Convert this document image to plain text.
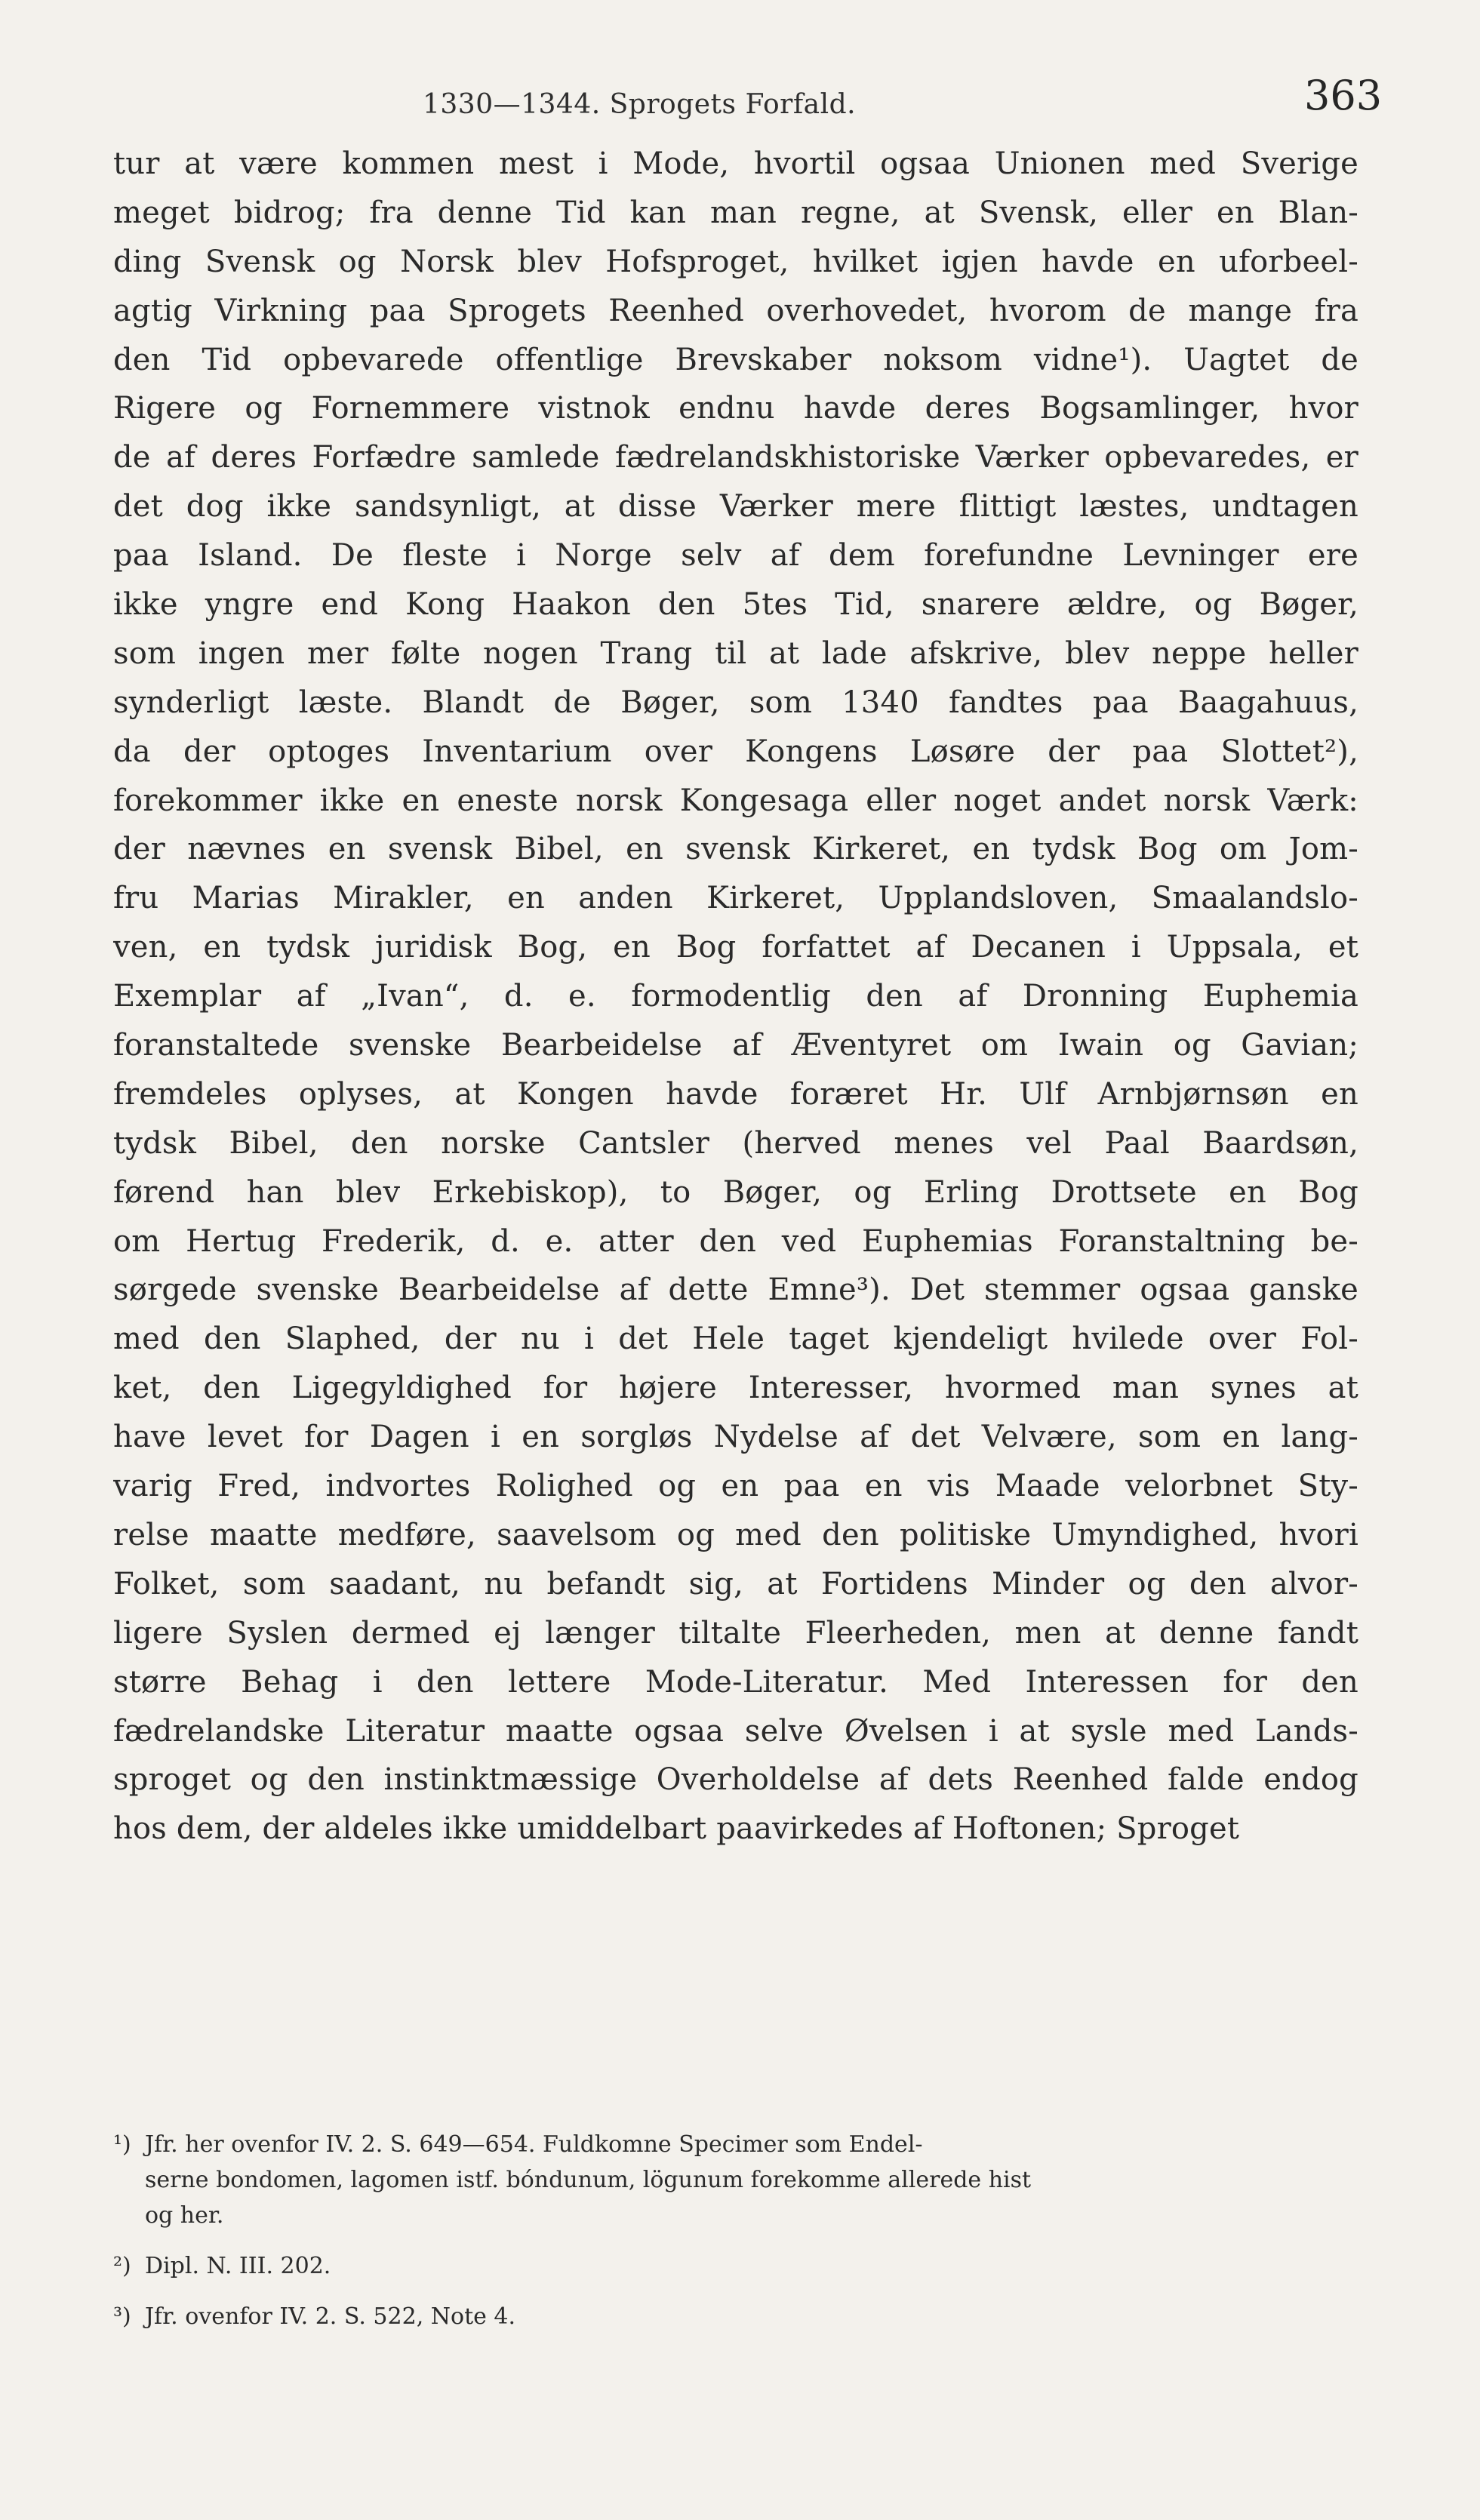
1330—1344. Sprogets Forfald.	363
tur at være kommen mest i Mode, hvortil ogsaa Unionen med Sverige
meget bidrog; fra denne Tid kan man regne, at Svensk, eller en Blan-
ding Svensk og Norsk blev Hofsproget, hvilket igjen havde en uforbeel-
agtig Virkning paa Sprogets Reenhed overhovedet, hvorom de mange fra
den Tid opbevarede offentlige Brevskaber noksom vidne¹). Uagtet de
Rigere og Fornemmere vistnok endnu havde deres Bogsamlinger, hvor
de af deres Forfædre samlede fædrelandskhistoriske Værker opbevaredes, er
det dog ikke sandsynligt, at disse Værker mere flittigt læstes, undtagen
paa Island. De fleste i Norge selv af dem forefundne Levninger ere
ikke yngre end Kong Haakon den 5tes Tid, snarere ældre, og Bøger,
som ingen mer følte nogen Trang til at lade afskrive, blev neppe heller
synderligt læste. Blandt de Bøger, som 1340 fandtes paa Baagahuus,
da der optoges Inventarium over Kongens Løsøre der paa Slottet²),
forekommer ikke en eneste norsk Kongesaga eller noget andet norsk Værk:
der nævnes en svensk Bibel, en svensk Kirkeret, en tydsk Bog om Jom-
fru Marias Mirakler, en anden Kirkeret, Upplandsloven, Smaalandslo-
ven, en tydsk juridisk Bog, en Bog forfattet af Decanen i Uppsala, et
Exemplar af „Ivan“, d. e. formodentlig den af Dronning Euphemia
foranstaltede svenske Bearbeidelse af Æventyret om Iwain og Gavian;
fremdeles oplyses, at Kongen havde foræret Hr. Ulf Arnbjørnsøn en
tydsk Bibel, den norske Cantsler (herved menes vel Paal Baardsøn,
førend han blev Erkebiskop), to Bøger, og Erling Drottsete en Bog
om Hertug Frederik, d. e. atter den ved Euphemias Foranstaltning be-
sørgede svenske Bearbeidelse af dette Emne³). Det stemmer ogsaa ganske
med den Slaphed, der nu i det Hele taget kjendeligt hvilede over Fol-
ket, den Ligegyldighed for højere Interesser, hvormed man synes at
have levet for Dagen i en sorgløs Nydelse af det Velvære, som en lang-
varig Fred, indvortes Rolighed og en paa en vis Maade velorbnet Sty-
relse maatte medføre, saavelsom og med den politiske Umyndighed, hvori
Folket, som saadant, nu befandt sig, at Fortidens Minder og den alvor-
ligere Syslen dermed ej længer tiltalte Fleerheden, men at denne fandt
større Behag i den lettere Mode-Literatur. Med Interessen for den
fædrelandske Literatur maatte ogsaa selve Øvelsen i at sysle med Lands-
sproget og den instinktmæssige Overholdelse af dets Reenhed falde endog
hos dem, der aldeles ikke umiddelbart paavirkedes af Hoftonen; Sproget
¹) Jfr. her ovenfor IV. 2. S. 649—654. Fuldkomne Specimer som Endel-
serne bondomen, lagomen istf. bóndunum, lögunum forekomme allerede hist
og her.
²) Dipl. N. III. 202.
³) Jfr. ovenfor IV. 2. S. 522, Note 4.
